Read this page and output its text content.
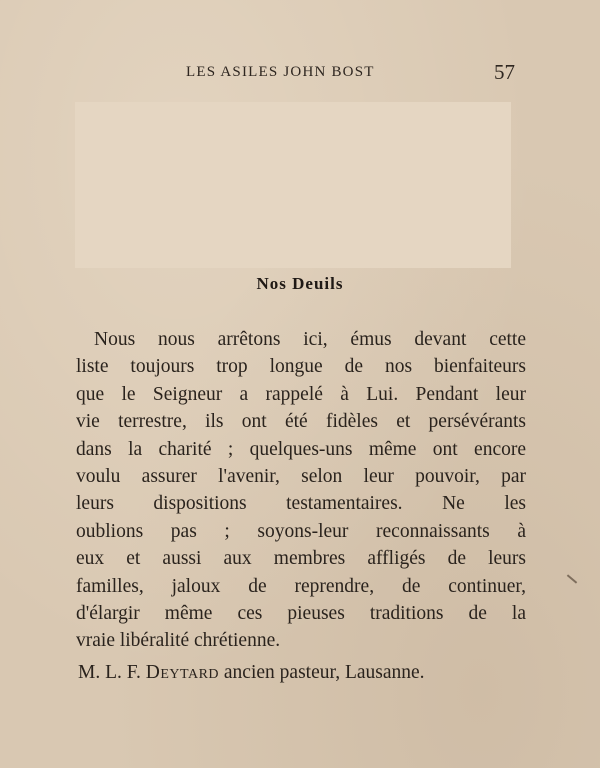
LES ASILES JOHN BOST	57
Nos Deuils
Nous nous arrêtons ici, émus devant cette
liste toujours trop longue de nos bienfaiteurs
que le Seigneur a rappelé à Lui. Pendant leur
vie terrestre, ils ont été fidèles et persévérants
dans la charité ; quelques-uns même ont encore
voulu assurer l'avenir, selon leur pouvoir, par
leurs dispositions testamentaires. Ne les
oublions pas ; soyons-leur reconnaissants à
eux et aussi aux membres affligés de leurs
familles, jaloux de reprendre, de continuer,
d'élargir même ces pieuses traditions de la
vraie libéralité chrétienne.
M. L. F. Deytard ancien pasteur, Lausanne.
